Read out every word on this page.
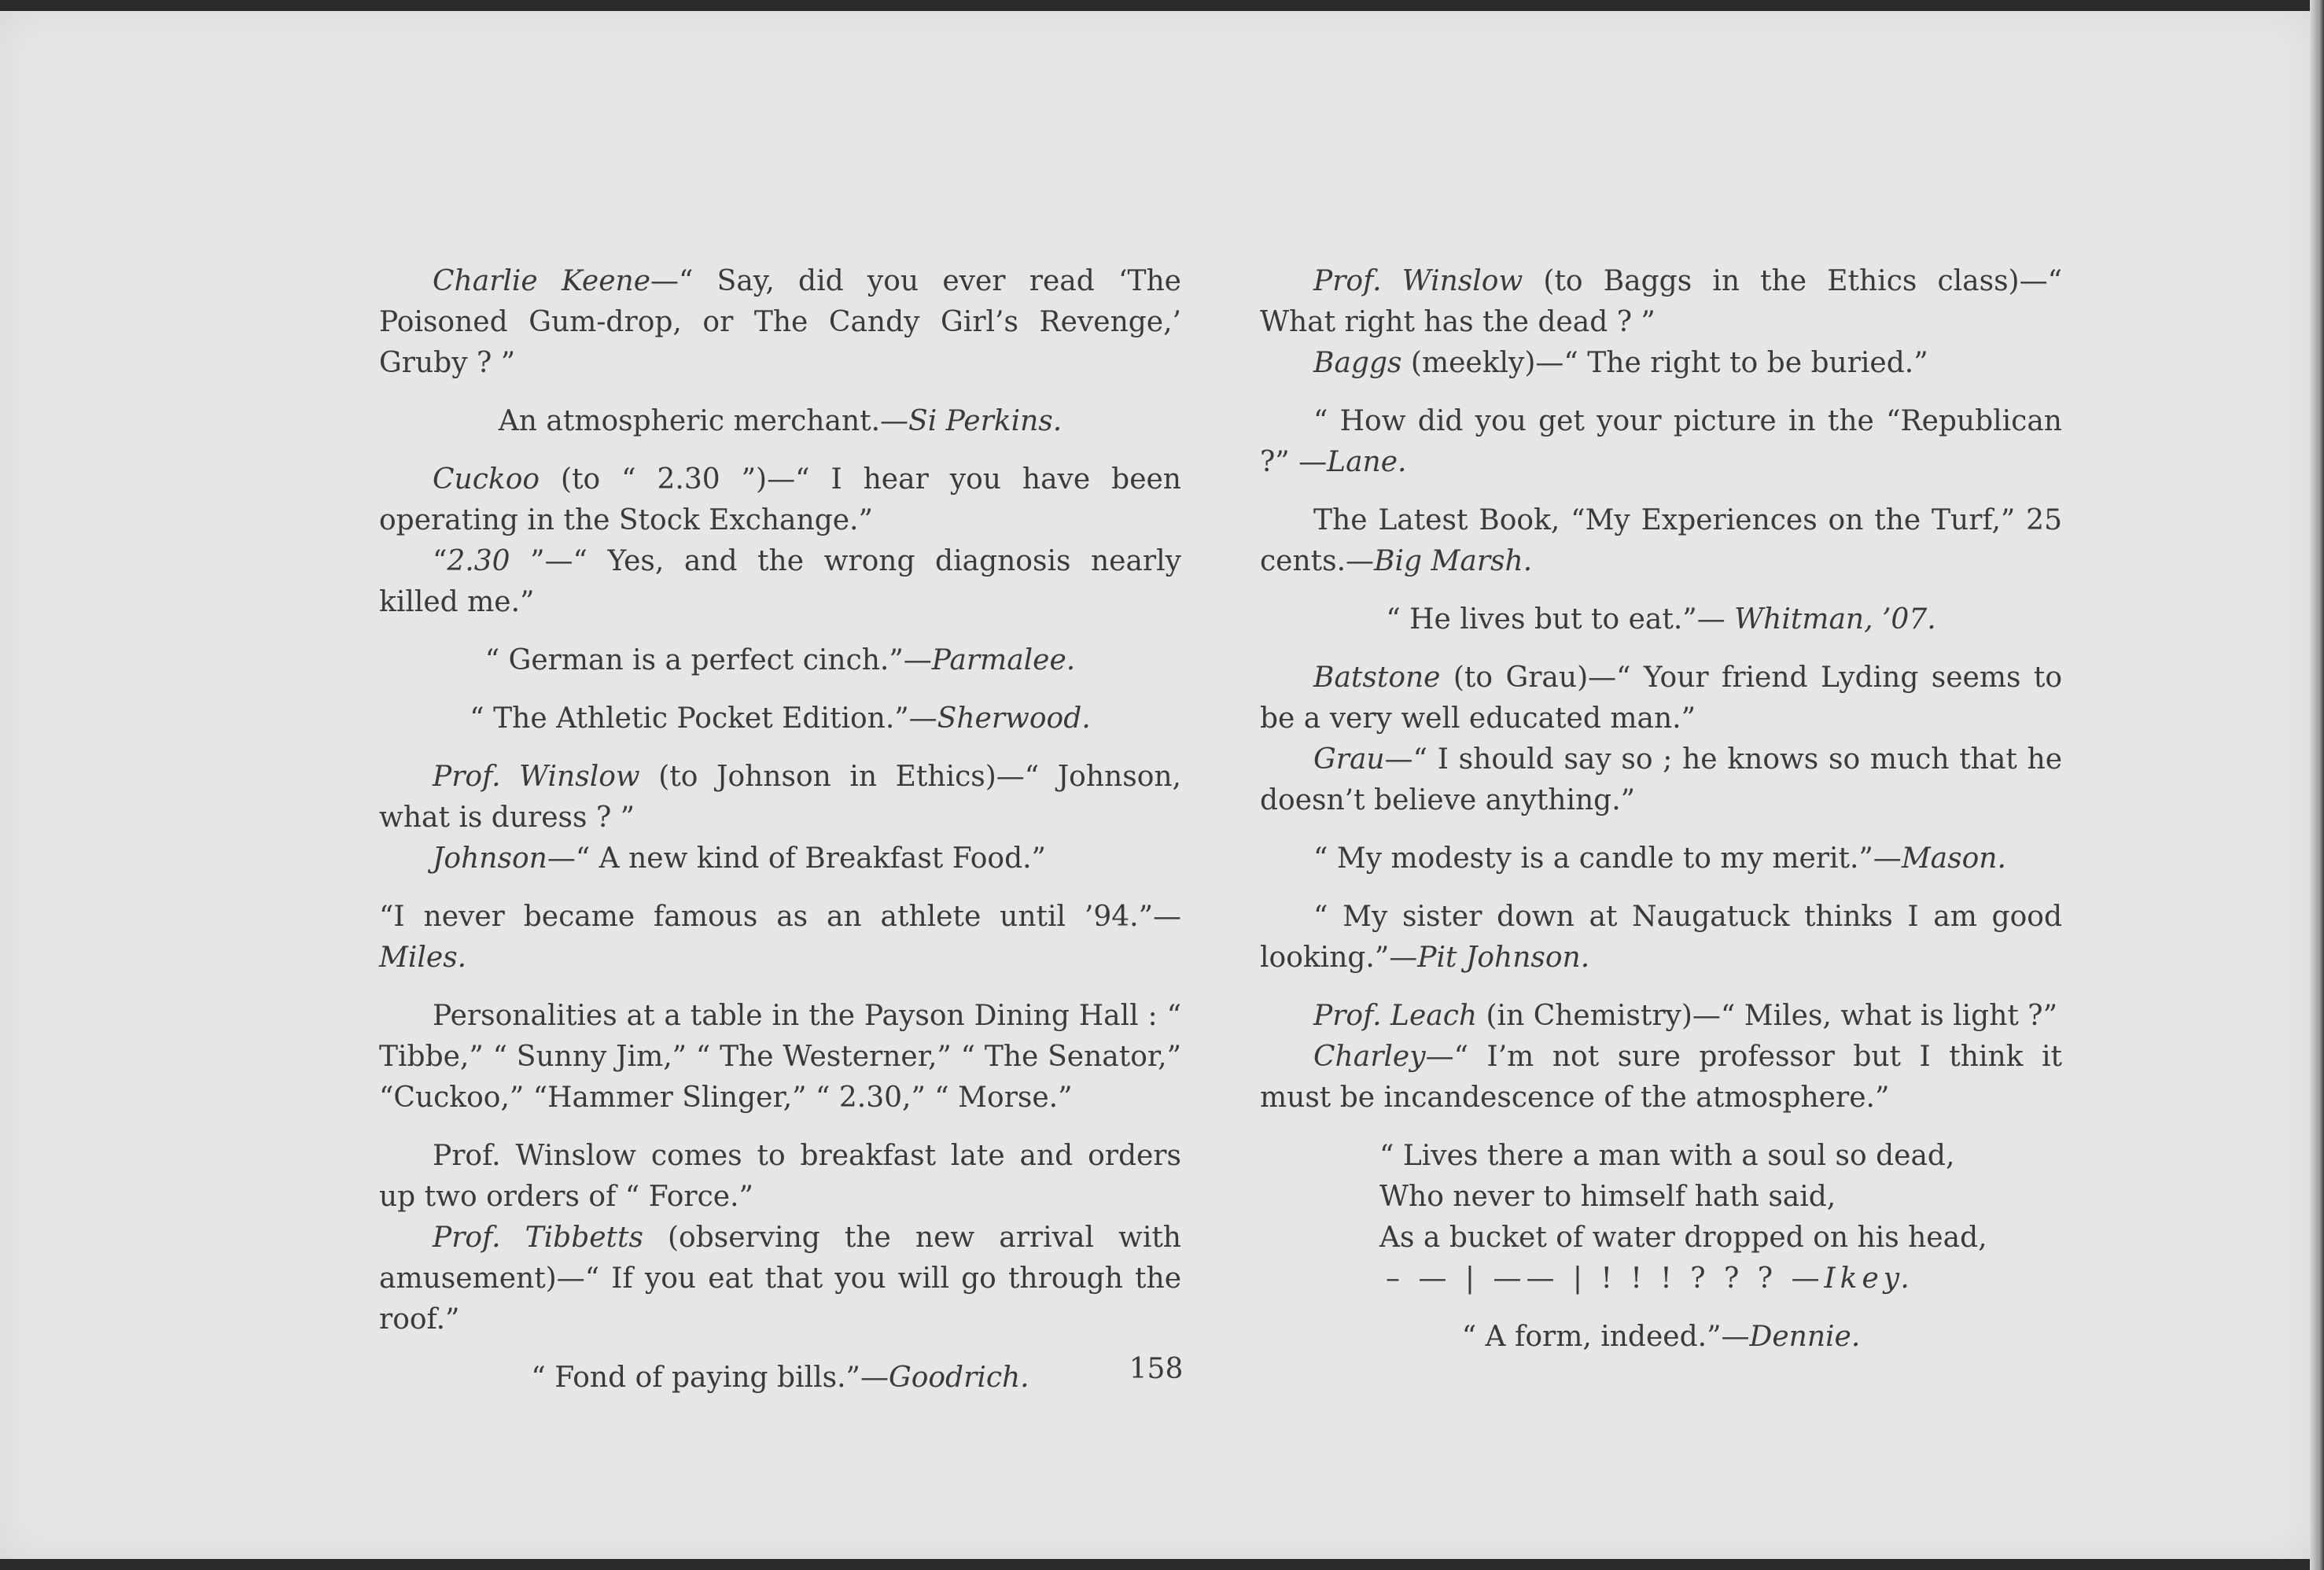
Charlie Keene—“ Say, did you ever read ‘The Poisoned Gum-drop, or The Candy Girl’s Revenge,’ Gruby ? ”

An atmospheric merchant.—Si Perkins.

Cuckoo (to “ 2.30 ”)—“ I hear you have been operating in the Stock Exchange.”

“2.30 ”—“ Yes, and the wrong diagnosis nearly killed me.”

“ German is a perfect cinch.”—Parmalee.

“ The Athletic Pocket Edition.”—Sherwood.

Prof. Winslow (to Johnson in Ethics)—“ Johnson, what is duress ? ”

Johnson—“ A new kind of Breakfast Food.”

“I never became famous as an athlete until ’94.”—Miles.

Personalities at a table in the Payson Dining Hall : “ Tibbe,” “ Sunny Jim,” “ The Westerner,” “ The Senator,” “Cuckoo,” “Hammer Slinger,” “ 2.30,” “ Morse.”

Prof. Winslow comes to breakfast late and orders up two orders of “ Force.”

Prof. Tibbetts (observing the new arrival with amusement)—“ If you eat that you will go through the roof.”

“ Fond of paying bills.”—Goodrich.

Prof. Winslow (to Baggs in the Ethics class)—“ What right has the dead ? ”

Baggs (meekly)—“ The right to be buried.”

“ How did you get your picture in the “Republican ?” —Lane.

The Latest Book, “My Experiences on the Turf,” 25 cents.—Big Marsh.

“ He lives but to eat.”— Whitman, ’07.

Batstone (to Grau)—“ Your friend Lyding seems to be a very well educated man.”

Grau—“ I should say so ; he knows so much that he doesn’t believe anything.”

“ My modesty is a candle to my merit.”—Mason.

“ My sister down at Naugatuck thinks I am good looking.”—Pit Johnson.

Prof. Leach (in Chemistry)—“ Miles, what is light ?”

Charley—“ I’m not sure professor but I think it must be incandescence of the atmosphere.”

“ Lives there a man with a soul so dead,

Who never to himself hath said,

As a bucket of water dropped on his head,

– — | —— | ! ! ! ? ? ? —Ikey.

“ A form, indeed.”—Dennie.

158
